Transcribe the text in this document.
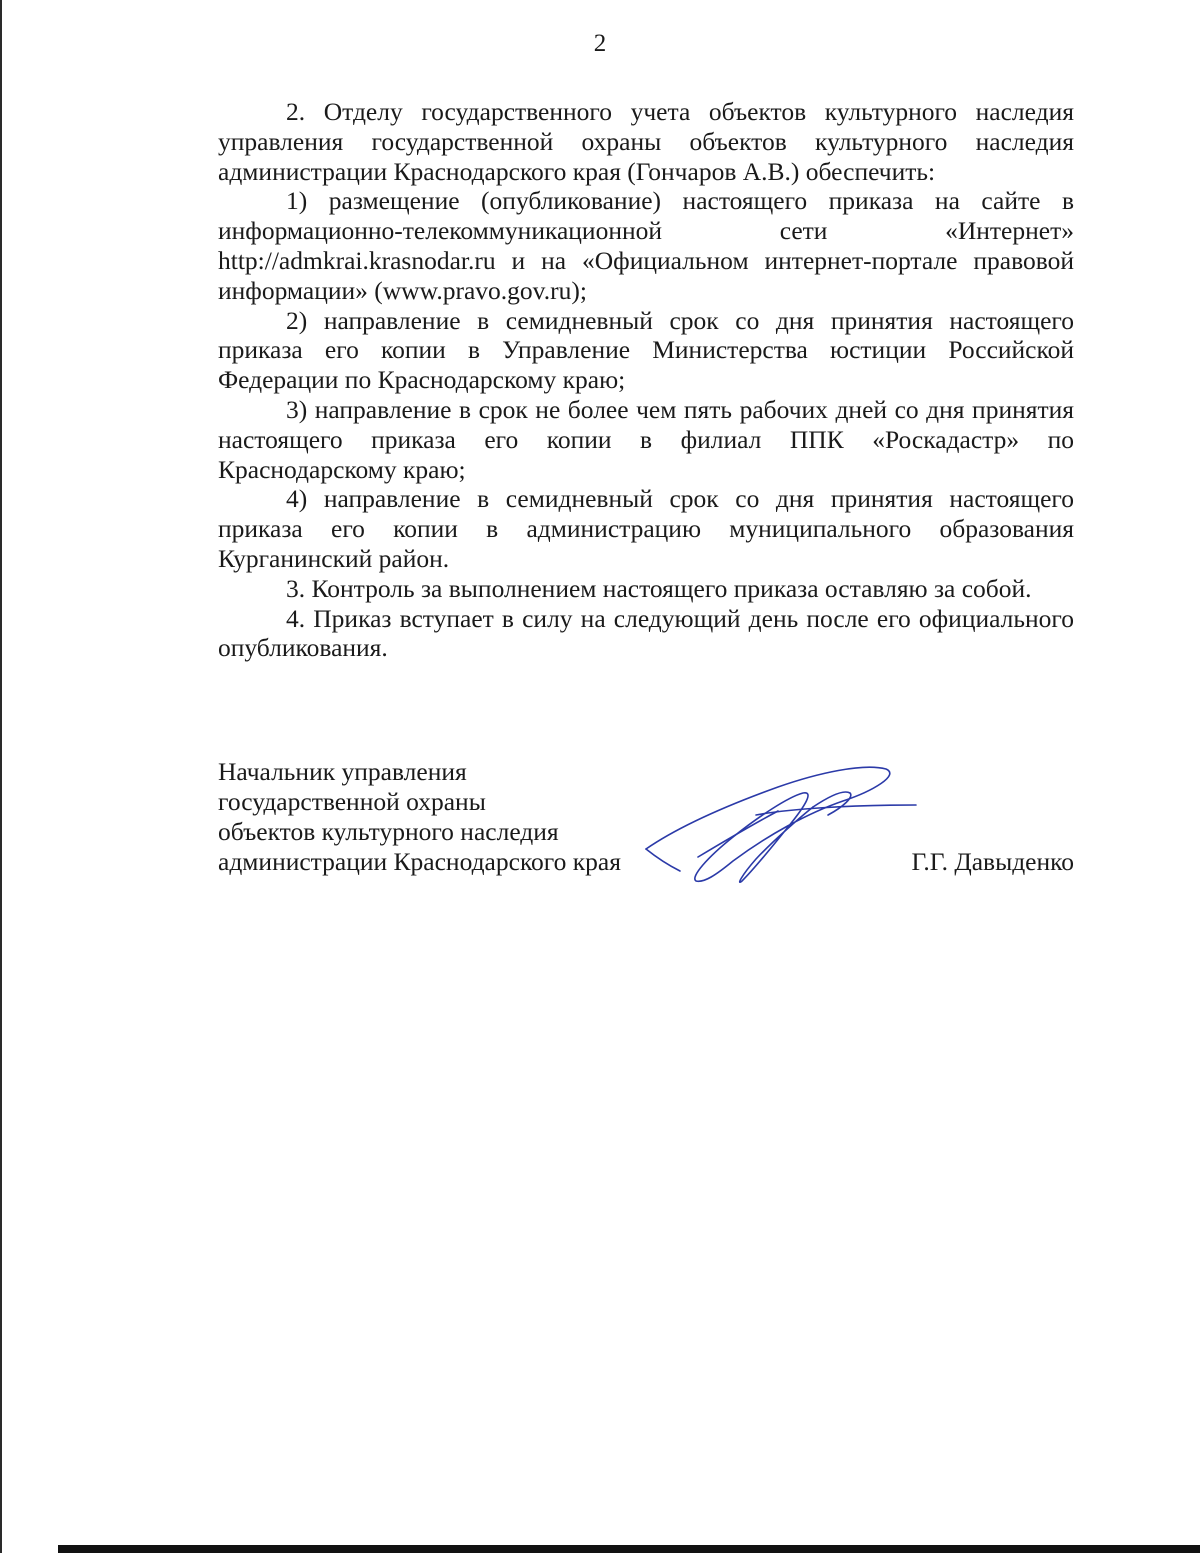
2

2. Отделу государственного учета объектов культурного наследия управления государственной охраны объектов культурного наследия администрации Краснодарского края (Гончаров А.В.) обеспечить:

1) размещение (опубликование) настоящего приказа на сайте в информационно-телекоммуникационной сети «Интернет» http://admkrai.krasnodar.ru и на «Официальном интернет-портале правовой информации» (www.pravo.gov.ru);

2) направление в семидневный срок со дня принятия настоящего приказа его копии в Управление Министерства юстиции Российской Федерации по Краснодарскому краю;

3) направление в срок не более чем пять рабочих дней со дня принятия настоящего приказа его копии в филиал ППК «Роскадастр» по Краснодарскому краю;

4) направление в семидневный срок со дня принятия настоящего приказа его копии в администрацию муниципального образования Курганинский район.

3. Контроль за выполнением настоящего приказа оставляю за собой.

4. Приказ вступает в силу на следующий день после его официального опубликования.

Начальник управления
государственной охраны
объектов культурного наследия
администрации Краснодарского края	Г.Г. Давыденко
